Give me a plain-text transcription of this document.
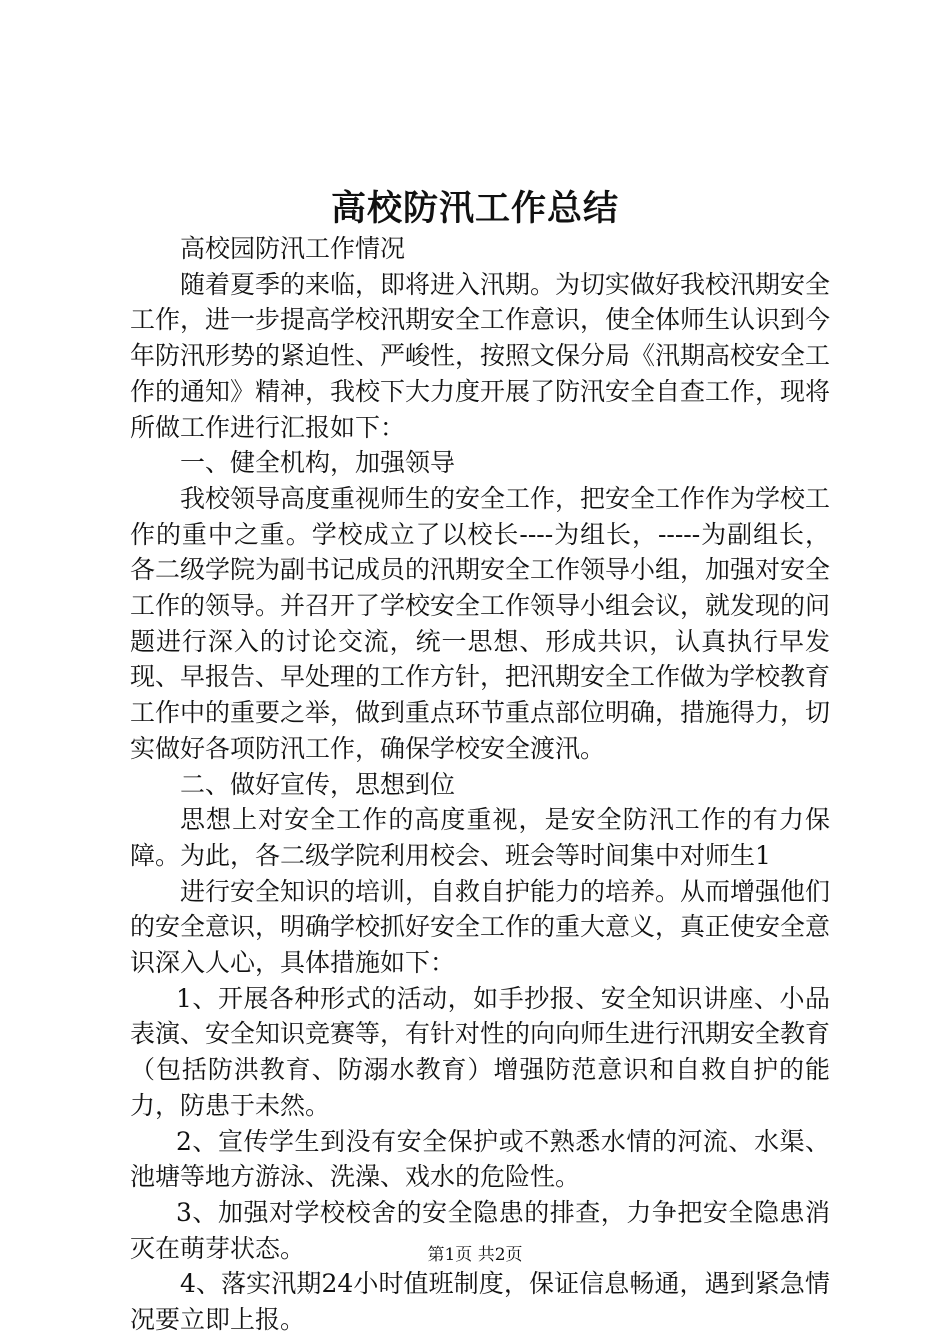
高校防汛工作总结

高校园防汛工作情况

随着夏季的来临，即将进入汛期。为切实做好我校汛期安全工作，进一步提高学校汛期安全工作意识，使全体师生认识到今年防汛形势的紧迫性、严峻性，按照文保分局《汛期高校安全工作的通知》精神，我校下大力度开展了防汛安全自查工作，现将所做工作进行汇报如下：

一、健全机构，加强领导

我校领导高度重视师生的安全工作，把安全工作作为学校工作的重中之重。学校成立了以校长----为组长，-----为副组长，各二级学院为副书记成员的汛期安全工作领导小组，加强对安全工作的领导。并召开了学校安全工作领导小组会议，就发现的问题进行深入的讨论交流，统一思想、形成共识，认真执行早发现、早报告、早处理的工作方针，把汛期安全工作做为学校教育工作中的重要之举，做到重点环节重点部位明确，措施得力，切实做好各项防汛工作，确保学校安全渡汛。

二、做好宣传，思想到位

思想上对安全工作的高度重视，是安全防汛工作的有力保障。为此，各二级学院利用校会、班会等时间集中对师生1

进行安全知识的培训，自救自护能力的培养。从而增强他们的安全意识，明确学校抓好安全工作的重大意义，真正使安全意识深入人心，具体措施如下：

1、开展各种形式的活动，如手抄报、安全知识讲座、小品表演、安全知识竞赛等，有针对性的向向师生进行汛期安全教育（包括防洪教育、防溺水教育）增强防范意识和自救自护的能力，防患于未然。

2、宣传学生到没有安全保护或不熟悉水情的河流、水渠、池塘等地方游泳、洗澡、戏水的危险性。

3、加强对学校校舍的安全隐患的排查，力争把安全隐患消灭在萌芽状态。

4、落实汛期24小时值班制度，保证信息畅通，遇到紧急情况要立即上报。

第1页 共2页
